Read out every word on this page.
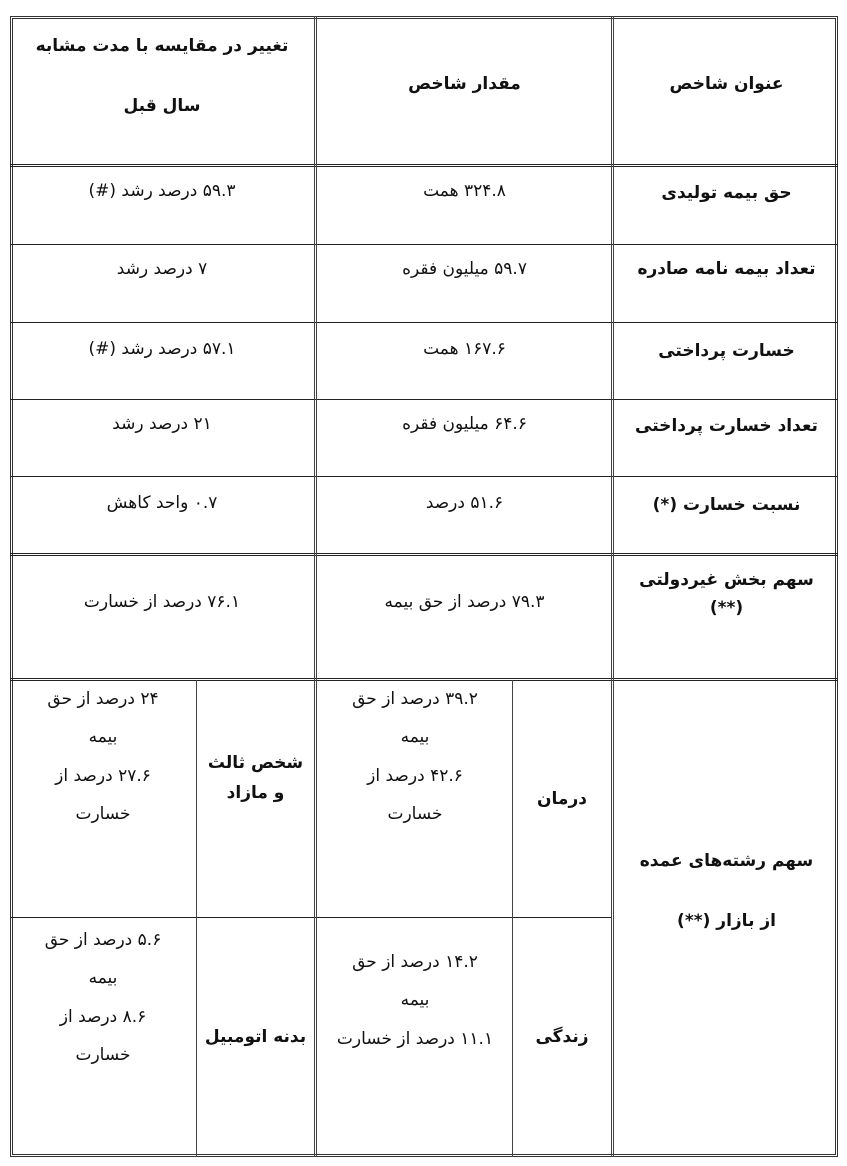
عنوان شاخص
مقدار شاخص
تغییر در مقایسه با مدت مشابه
سال قبل
حق بیمه تولیدی
۳۲۴.۸ همت
۵۹.۳ درصد رشد (#)
تعداد بیمه نامه صادره
۵۹.۷ میلیون فقره
۷ درصد رشد
خسارت پرداختی
۱۶۷.۶ همت
۵۷.۱ درصد رشد (#)
تعداد خسارت پرداختی
۶۴.۶ میلیون فقره
۲۱ درصد رشد
نسبت خسارت (*)
۵۱.۶ درصد
۰.۷ واحد کاهش
سهم بخش غیردولتی
(**)
۷۹.۳ درصد از حق بیمه
۷۶.۱ درصد از خسارت
سهم رشته‌های عمده
از بازار (**)
درمان
۳۹.۲ درصد از حق
بیمه
۴۲.۶ درصد از
خسارت
شخص ثالث
و مازاد
۲۴ درصد از حق
بیمه
۲۷.۶ درصد از
خسارت
زندگی
۱۴.۲ درصد از حق
بیمه
۱۱.۱ درصد از خسارت
بدنه اتومبیل
۵.۶ درصد از حق
بیمه
۸.۶ درصد از
خسارت
